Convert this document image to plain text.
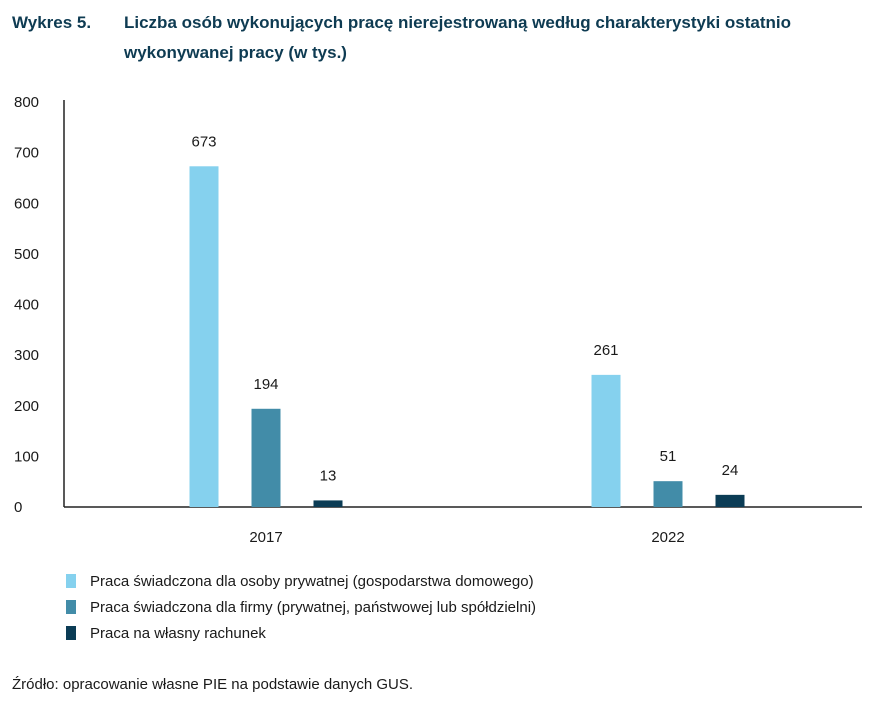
Wykres 5.	Liczba osób wykonujących pracę nierejestrowaną według charakterystyki ostatnio wykonywanej pracy (w tys.)
0
100
200
300
400
500
600
700
800
673
194
13
2017
261
51
24
2022
Praca świadczona dla osoby prywatnej (gospodarstwa domowego)
Praca świadczona dla firmy (prywatnej, państwowej lub spółdzielni)
Praca na własny rachunek
Źródło: opracowanie własne PIE na podstawie danych GUS.
